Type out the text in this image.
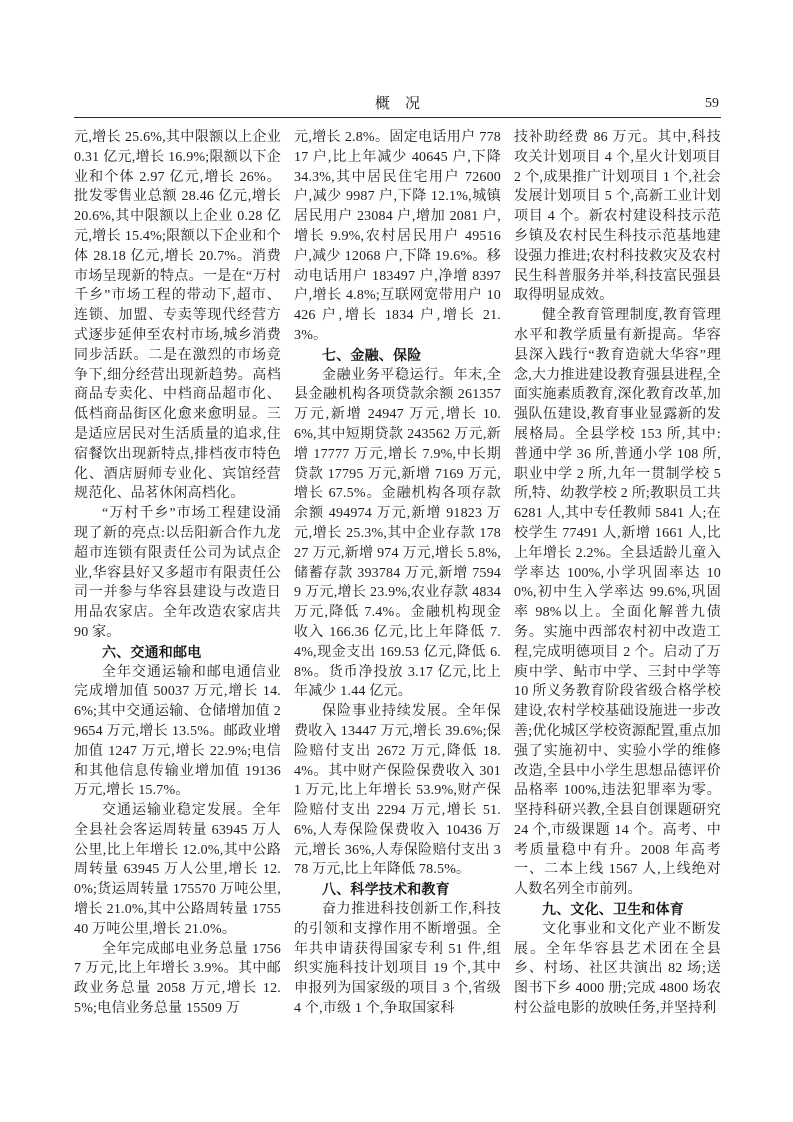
概　况	59

元,增长 25.6%,其中限额以上企业 0.31 亿元,增长 16.9%;限额以下企业和个体 2.97 亿元,增长 26%。批发零售业总额 28.46 亿元,增长 20.6%,其中限额以上企业 0.28 亿元,增长 15.4%;限额以下企业和个体 28.18 亿元,增长 20.7%。消费市场呈现新的特点。一是在“万村千乡”市场工程的带动下,超市、连锁、加盟、专卖等现代经营方式逐步延伸至农村市场,城乡消费同步活跃。二是在激烈的市场竞争下,细分经营出现新趋势。高档商品专卖化、中档商品超市化、低档商品街区化愈来愈明显。三是适应居民对生活质量的追求,住宿餐饮出现新特点,排档夜市特色化、酒店厨师专业化、宾馆经营规范化、品茗休闲高档化。

“万村千乡”市场工程建设涌现了新的亮点:以岳阳新合作九龙超市连锁有限责任公司为试点企业,华容县好又多超市有限责任公司一并参与华容县建设与改造日用品农家店。全年改造农家店共 90 家。

六、交通和邮电

全年交通运输和邮电通信业完成增加值 50037 万元,增长 14.6%;其中交通运输、仓储增加值 29654 万元,增长 13.5%。邮政业增加值 1247 万元,增长 22.9%;电信和其他信息传输业增加值 19136 万元,增长 15.7%。

交通运输业稳定发展。全年全县社会客运周转量 63945 万人公里,比上年增长 12.0%,其中公路周转量 63945 万人公里,增长 12.0%;货运周转量 175570 万吨公里,增长 21.0%,其中公路周转量 175540 万吨公里,增长 21.0%。

全年完成邮电业务总量 17567 万元,比上年增长 3.9%。其中邮政业务总量 2058 万元,增长 12.5%;电信业务总量 15509 万

元,增长 2.8%。固定电话用户 77817 户,比上年减少 40645 户,下降 34.3%,其中居民住宅用户 72600 户,减少 9987 户,下降 12.1%,城镇居民用户 23084 户,增加 2081 户,增长 9.9%,农村居民用户 49516 户,减少 12068 户,下降 19.6%。移动电话用户 183497 户,净增 8397 户,增长 4.8%;互联网宽带用户 10426 户,增长 1834 户,增长 21.3%。

七、金融、保险

金融业务平稳运行。年末,全县金融机构各项贷款余额 261357 万元,新增 24947 万元,增长 10.6%,其中短期贷款 243562 万元,新增 17777 万元,增长 7.9%,中长期贷款 17795 万元,新增 7169 万元,增长 67.5%。金融机构各项存款余额 494974 万元,新增 91823 万元,增长 25.3%,其中企业存款 17827 万元,新增 974 万元,增长 5.8%,储蓄存款 393784 万元,新增 75949 万元,增长 23.9%,农业存款 4834 万元,降低 7.4%。金融机构现金收入 166.36 亿元,比上年降低 7.4%,现金支出 169.53 亿元,降低 6.8%。货币净投放 3.17 亿元,比上年减少 1.44 亿元。

保险事业持续发展。全年保费收入 13447 万元,增长 39.6%;保险赔付支出 2672 万元,降低 18.4%。其中财产保险保费收入 3011 万元,比上年增长 53.9%,财产保险赔付支出 2294 万元,增长 51.6%,人寿保险保费收入 10436 万元,增长 36%,人寿保险赔付支出 378 万元,比上年降低 78.5%。

八、科学技术和教育

奋力推进科技创新工作,科技的引领和支撑作用不断增强。全年共申请获得国家专利 51 件,组织实施科技计划项目 19 个,其中申报列为国家级的项目 3 个,省级 4 个,市级 1 个,争取国家科

技补助经费 86 万元。其中,科技攻关计划项目 4 个,星火计划项目 2 个,成果推广计划项目 1 个,社会发展计划项目 5 个,高新工业计划项目 4 个。新农村建设科技示范乡镇及农村民生科技示范基地建设强力推进;农村科技救灾及农村民生科普服务并举,科技富民强县取得明显成效。

健全教育管理制度,教育管理水平和教学质量有新提高。华容县深入践行“教育造就大华容”理念,大力推进建设教育强县进程,全面实施素质教育,深化教育改革,加强队伍建设,教育事业显露新的发展格局。全县学校 153 所,其中:普通中学 36 所,普通小学 108 所,职业中学 2 所,九年一贯制学校 5 所,特、幼教学校 2 所;教职员工共 6281 人,其中专任教师 5841 人;在校学生 77491 人,新增 1661 人,比上年增长 2.2%。全县适龄儿童入学率达 100%,小学巩固率达 100%,初中生入学率达 99.6%,巩固率 98%以上。全面化解普九债务。实施中西部农村初中改造工程,完成明德项目 2 个。启动了万庾中学、鲇市中学、三封中学等 10 所义务教育阶段省级合格学校建设,农村学校基础设施进一步改善;优化城区学校资源配置,重点加强了实施初中、实验小学的维修改造,全县中小学生思想品德评价品格率 100%,违法犯罪率为零。坚持科研兴教,全县自创课题研究 24 个,市级课题 14 个。高考、中考质量稳中有升。2008 年高考一、二本上线 1567 人,上线绝对人数名列全市前列。

九、文化、卫生和体育

文化事业和文化产业不断发展。全年华容县艺术团在全县乡、村场、社区共演出 82 场;送图书下乡 4000 册;完成 4800 场农村公益电影的放映任务,并坚持利
